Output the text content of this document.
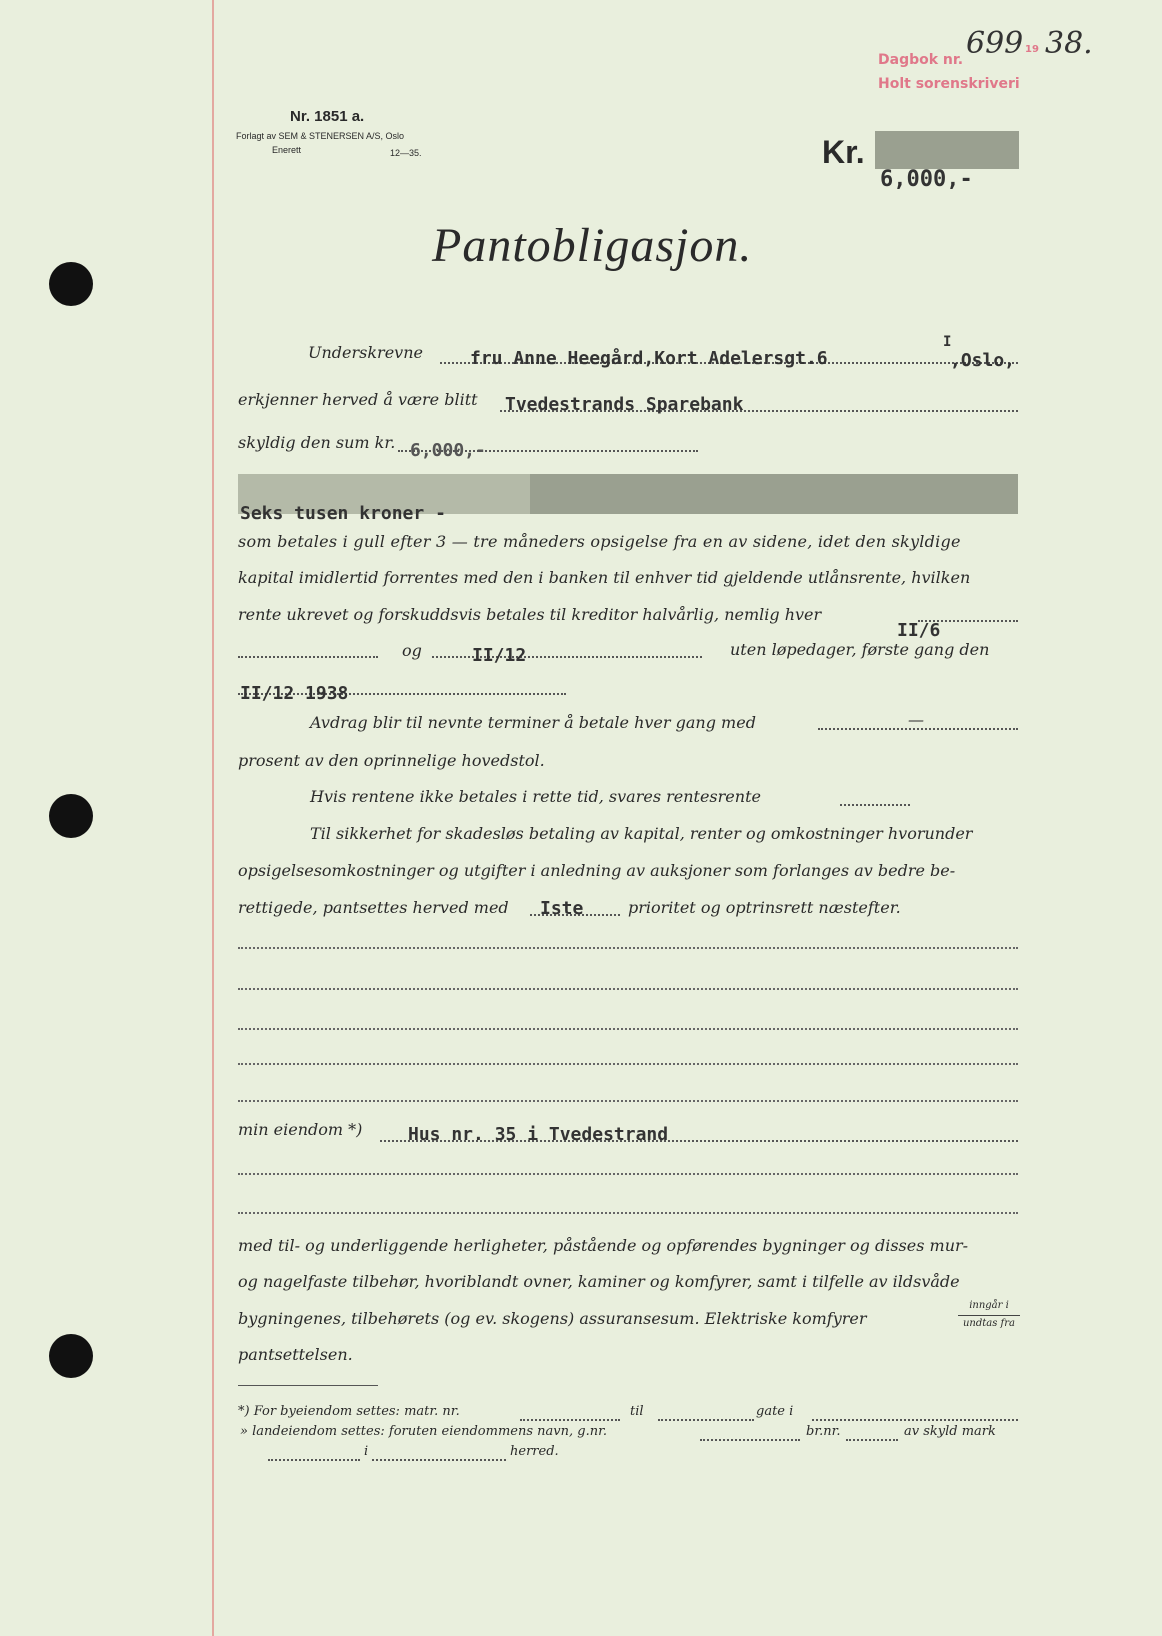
Dagbok nr. 699 19 38.
Holt sorenskriveri
Nr. 1851 a.
Forlagt av SEM & STENERSEN A/S, Oslo
Enerett	12—35.	Kr.
6,000,-
Pantobligasjon.
Underskrevne	fru Anne Heegård,Kort Adelersgt.6
I
,Oslo,
erkjenner herved å være blitt Tvedestrands Sparebank
skyldig den sum kr. 6,000,-
Seks tusen kroner -
som betales i gull efter 3 — tre måneders opsigelse fra en av sidene, idet den skyldige
kapital imidlertid forrentes med den i banken til enhver tid gjeldende utlånsrente, hvilken
rente ukrevet og forskuddsvis betales til kreditor halvårlig, nemlig hver
II/6
og	II/12	uten løpedager, første gang den
II/12 1938
Avdrag blir til nevnte terminer å betale hver gang med	—
prosent av den oprinnelige hovedstol.
Hvis rentene ikke betales i rette tid, svares rentesrente
Til sikkerhet for skadesløs betaling av kapital, renter og omkostninger hvorunder
opsigelsesomkostninger og utgifter i anledning av auksjoner som forlanges av bedre be-
rettigede, pantsettes herved med Iste	prioritet og optrinsrett næstefter.
min eiendom *)	Hus nr. 35 i Tvedestrand
med til- og underliggende herligheter, påstående og opførendes bygninger og disses mur-
og nagelfaste tilbehør, hvoriblandt ovner, kaminer og komfyrer, samt i tilfelle av ildsvåde
bygningenes, tilbehørets (og ev. skogens) assuransesum. Elektriske komfyrer
inngår i
undtas fra
pantsettelsen.
*) For byeiendom settes: matr. nr.	til	gate i
» landeiendom settes: foruten eiendommens navn, g.nr.	br.nr.	av skyld mark
i	herred.
